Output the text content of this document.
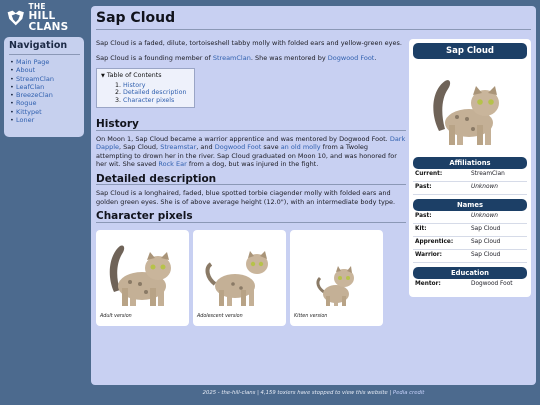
THE
HILL CLANS
Navigation
• Main Page
• About
• StreamClan
• LeafClan
• BreezeClan
• Rogue
• Kittypet
• Loner
Sap Cloud

Sap Cloud is a faded, dilute, tortoiseshell tabby molly with folded ears and yellow-green eyes.

Sap Cloud is a founding member of StreamClan. She was mentored by Dogwood Foot.

▼ Table of Contents
1. History
2. Detailed description
3. Character pixels
History

On Moon 1, Sap Cloud became a warrior apprentice and was mentored by Dogwood Foot. Dark Dapple, Sap Cloud, Streamstar, and Dogwood Foot save an old molly from a Twoleg attempting to drown her in the river. Sap Cloud graduated on Moon 10, and was honored for her wit. She saved Rock Ear from a dog, but was injured in the fight.

Detailed description

Sap Cloud is a longhaired, faded, blue spotted torbie ciagender molly with folded ears and golden green eyes. She is of above average height (12.0"), with an intermediate body type.

Character pixels
Adult version	Adolescent version	Kitten version
Sap Cloud
Affiliations
Current:	StreamClan
Past:	Unknown
Names
Past:	Unknown
Kit:	Sap Cloud
Apprentice:	Sap Cloud
Warrior:	Sap Cloud
Education
Mentor:	Dogwood Foot
2025 - the-hill-clans | 4,159 toxiers have stopped to view this website | Pedia credit
